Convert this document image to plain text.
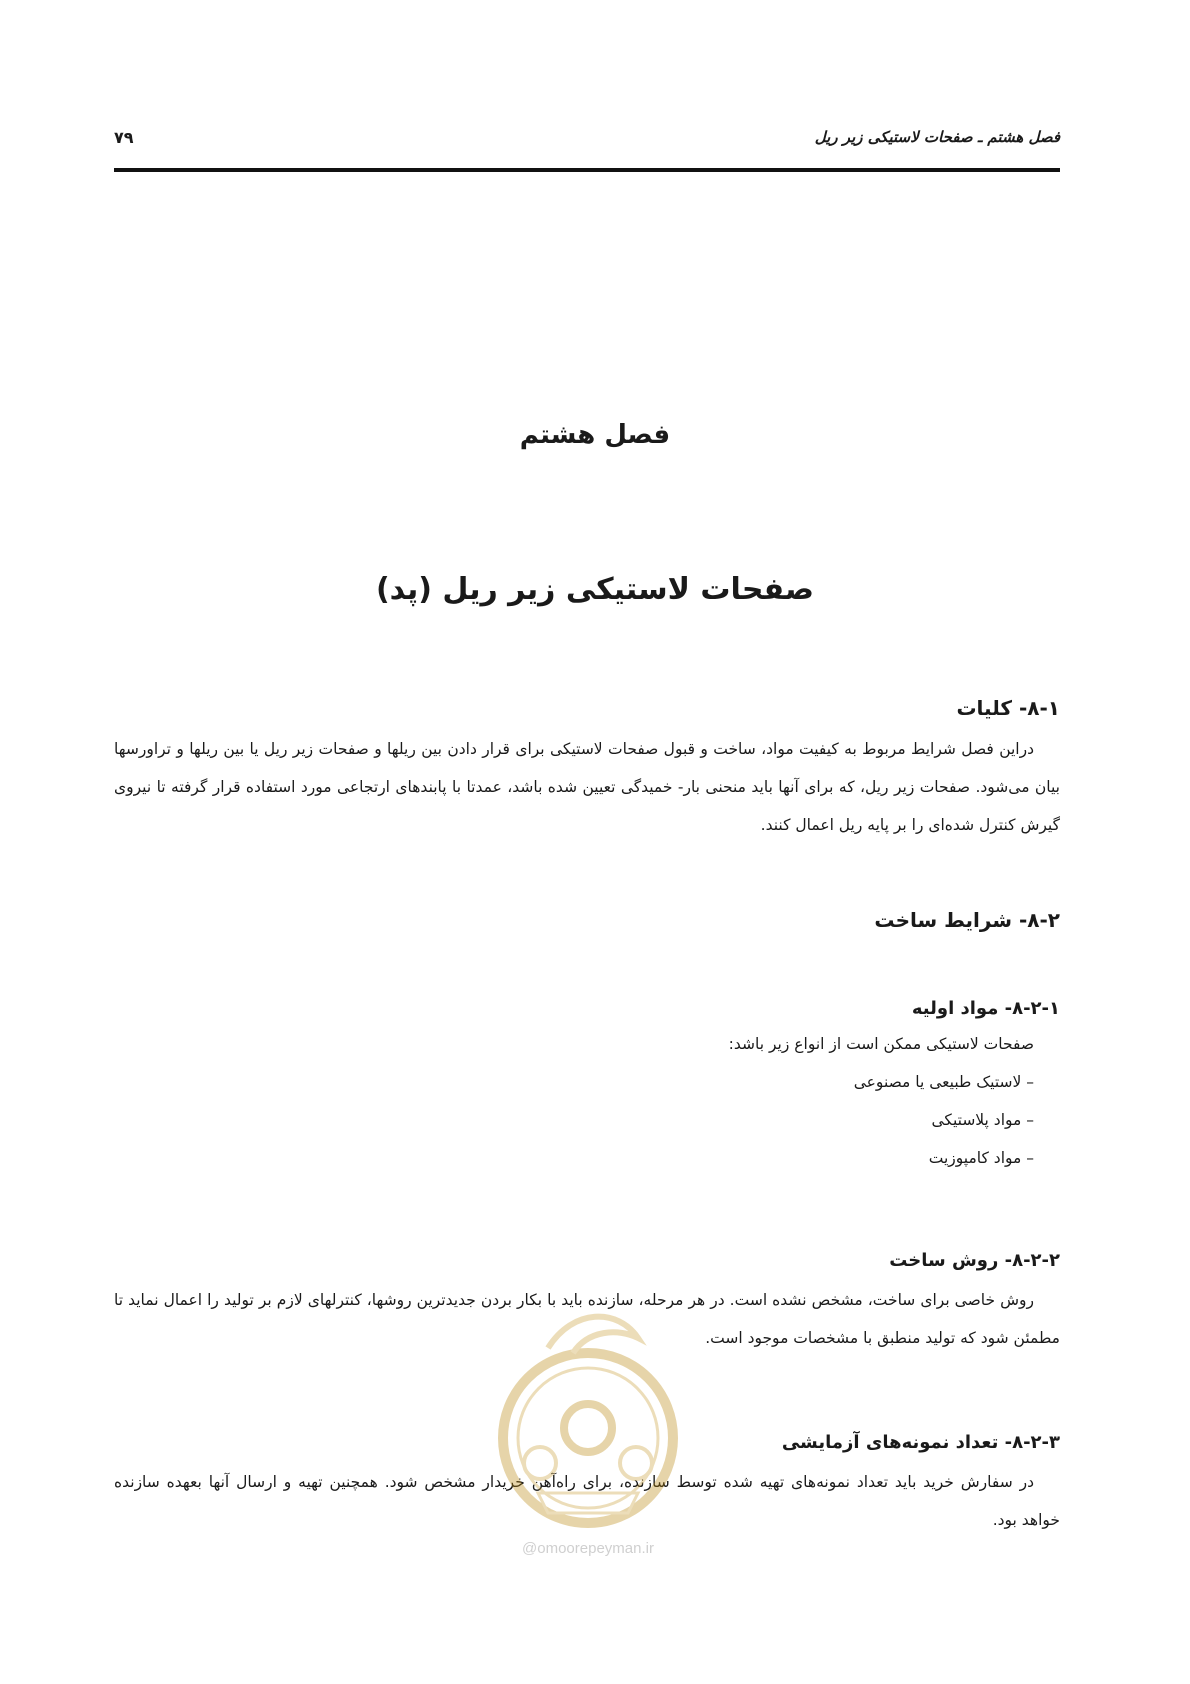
فصل هشتم ـ صفحات لاستیکی زیر ریل
۷۹
فصل هشتم
صفحات لاستیکی زیر ریل (پد)
۸-۱- کلیات

دراین فصل شرایط مربوط به کیفیت مواد، ساخت و قبول صفحات لاستیکی برای قرار دادن بین ریلها و صفحات زیر ریل یا بین ریلها و تراورسها بیان می‌شود. صفحات زیر ریل، که برای آنها باید منحنی بار- خمیدگی تعیین شده باشد، عمدتا با پابندهای ارتجاعی مورد استفاده قرار گرفته تا نیروی گیرش کنترل شده‌ای را بر پایه ریل اعمال کنند.

۸-۲- شرایط ساخت
۸-۲-۱- مواد اولیه

صفحات لاستیکی ممکن است از انواع زیر باشد:

– لاستیک طبیعی یا مصنوعی
– مواد پلاستیکی
– مواد کامپوزیت
۸-۲-۲- روش ساخت

روش خاصی برای ساخت، مشخص نشده است. در هر مرحله، سازنده باید با بکار بردن جدیدترین روشها، کنترلهای لازم بر تولید را اعمال نماید تا مطمئن شود که تولید منطبق با مشخصات موجود است.

۸-۲-۳- تعداد نمونه‌های آزمایشی

در سفارش خرید باید تعداد نمونه‌های تهیه شده توسط سازنده، برای راه‌آهن خریدار مشخص شود. همچنین تهیه و ارسال آنها بعهده سازنده خواهد بود.

@omoorepeyman.ir
